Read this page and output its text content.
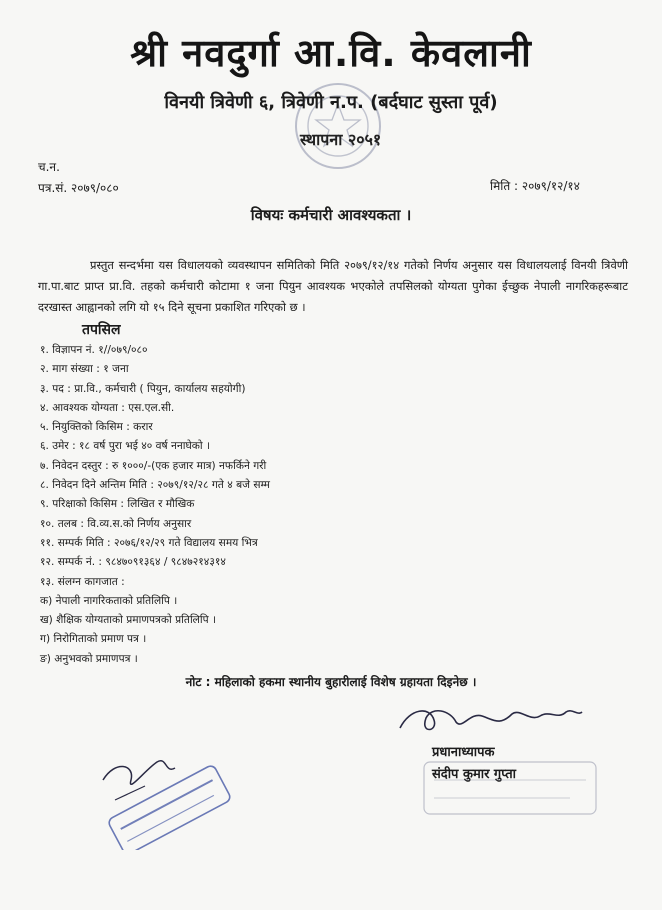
श्री नवदुर्गा आ.वि. केवलानी
विनयी त्रिवेणी ६, त्रिवेणी न.प. (बर्दघाट सुस्ता पूर्व)
स्थापना २०५१
च.न.
पत्र.सं. २०७९/०८०	मिति : २०७९/१२/१४
विषयः कर्मचारी आवश्यकता ।
प्रस्तुत सन्दर्भमा यस विधालयको व्यवस्थापन समितिको मिति २०७९/१२/१४ गतेको निर्णय अनुसार यस विधालयलाई विनयी त्रिवेणी गा.पा.बाट प्राप्त प्रा.वि. तहको कर्मचारी कोटामा १ जना पियुन आवश्यक भएकोले तपसिलको योग्यता पुगेका ईच्छुक नेपाली नागरिकहरूबाट दरखास्त आह्वानको लगि यो १५ दिने सूचना प्रकाशित गरिएको छ ।
तपसिल
१. विज्ञापन नं. १//०७९/०८०
२. माग संख्या : १ जना
३. पद : प्रा.वि., कर्मचारी ( पियुन, कार्यालय सहयोगी)
४. आवश्यक योग्यता : एस.एल.सी.
५. नियुक्तिको किसिम : करार
६. उमेर : १८ वर्ष पुरा भई ४० वर्ष ननाघेको ।
७. निवेदन दस्तुर : रु १०००/-(एक हजार मात्र) नफर्किने गरी
८. निवेदन दिने अन्तिम मिति : २०७९/१२/२८ गते ४ बजे सम्म
९. परिक्षाको किसिम : लिखित र मौखिक
१०. तलब : वि.व्य.स.को निर्णय अनुसार
११. सम्पर्क मिति : २०७६/१२/२९ गते विद्यालय समय भित्र
१२. सम्पर्क नं. : ९८४७०९१३६४ / ९८४७२१४३१४
१३. संलग्न कागजात :
क) नेपाली नागरिकताको प्रतिलिपि ।
ख) शैक्षिक योग्यताको प्रमाणपत्रको प्रतिलिपि ।
ग) निरोगिताको प्रमाण पत्र ।
ङ) अनुभवको प्रमाणपत्र ।
नोट : महिलाको हकमा स्थानीय बुहारीलाई विशेष ग्रहायता दिइनेछ ।
प्रधानाध्यापक
संदीप कुमार गुप्ता
